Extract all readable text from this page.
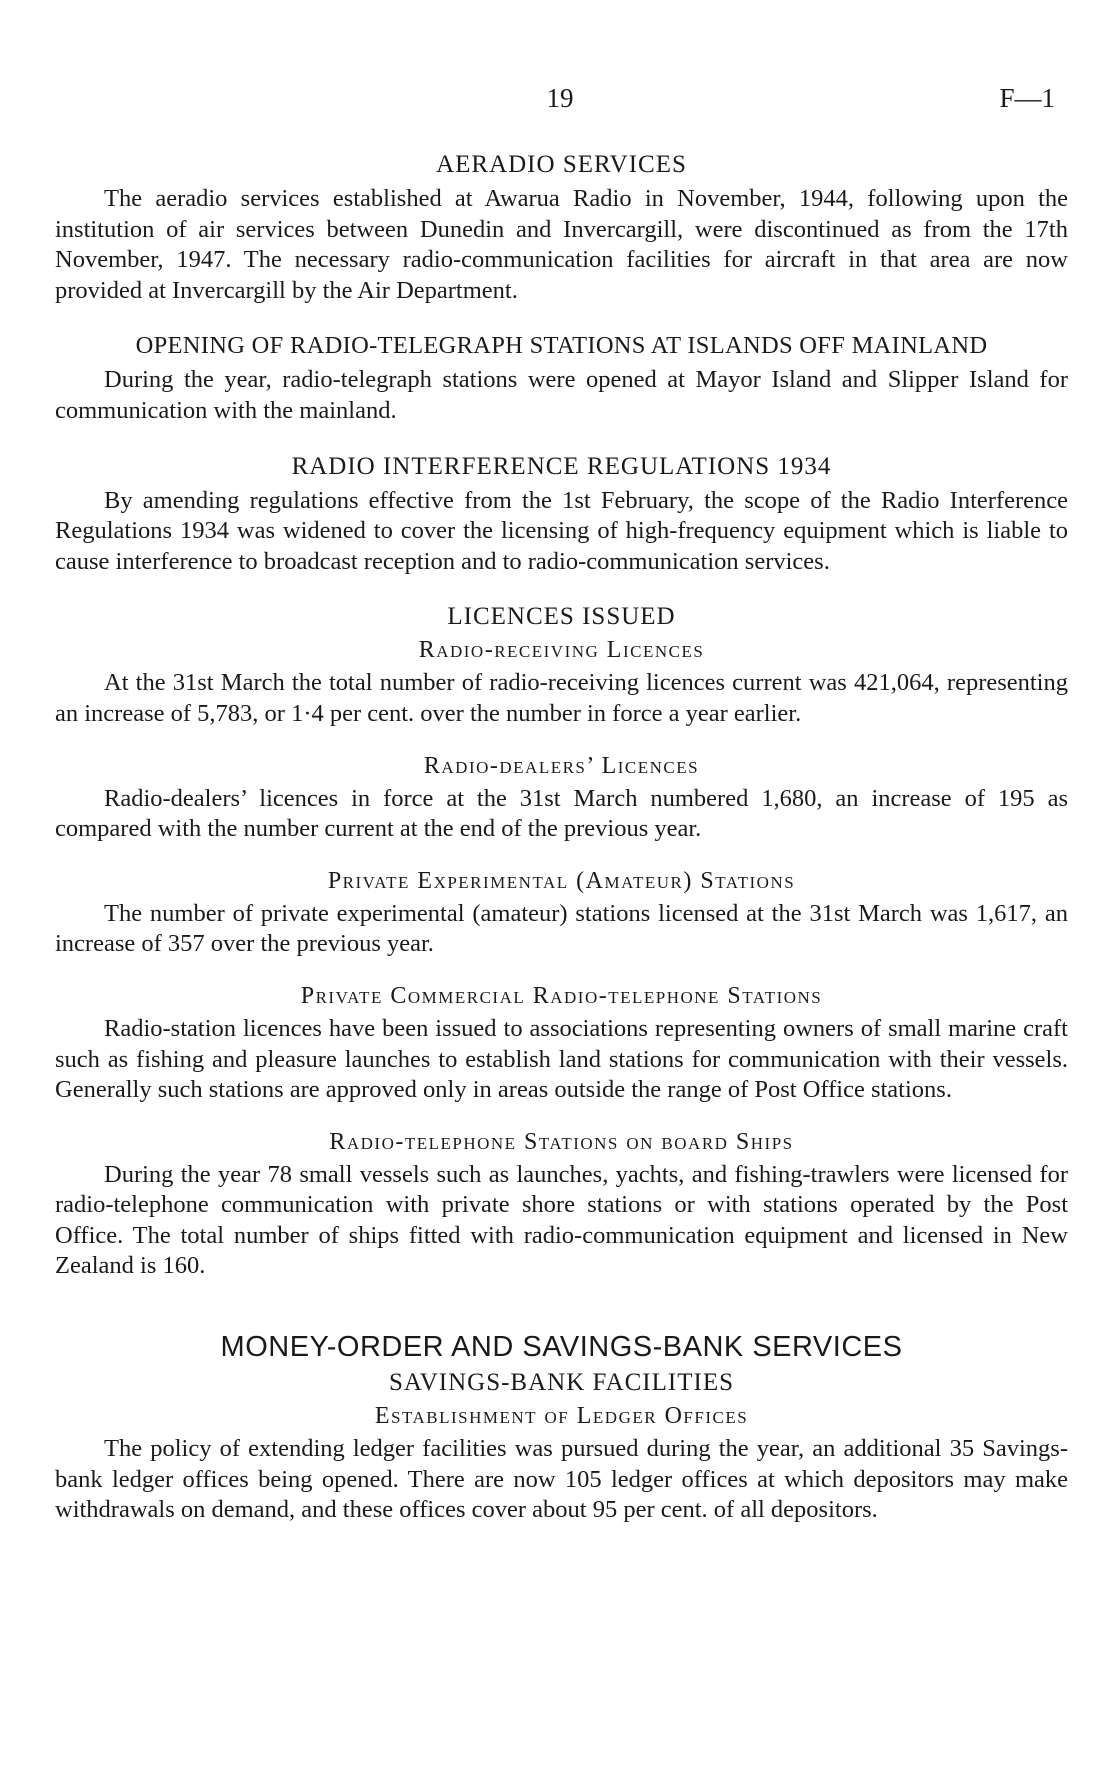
19	F—1
AERADIO SERVICES

The aeradio services established at Awarua Radio in November, 1944, following upon the institution of air services between Dunedin and Invercargill, were discontinued as from the 17th November, 1947. The necessary radio-communication facilities for aircraft in that area are now provided at Invercargill by the Air Department.

OPENING OF RADIO-TELEGRAPH STATIONS AT ISLANDS OFF MAINLAND

During the year, radio-telegraph stations were opened at Mayor Island and Slipper Island for communication with the mainland.

RADIO INTERFERENCE REGULATIONS 1934

By amending regulations effective from the 1st February, the scope of the Radio Interference Regulations 1934 was widened to cover the licensing of high-frequency equipment which is liable to cause interference to broadcast reception and to radio-communication services.

LICENCES ISSUED
Radio-receiving Licences

At the 31st March the total number of radio-receiving licences current was 421,064, representing an increase of 5,783, or 1·4 per cent. over the number in force a year earlier.

Radio-dealers’ Licences

Radio-dealers’ licences in force at the 31st March numbered 1,680, an increase of 195 as compared with the number current at the end of the previous year.

Private Experimental (Amateur) Stations

The number of private experimental (amateur) stations licensed at the 31st March was 1,617, an increase of 357 over the previous year.

Private Commercial Radio-telephone Stations

Radio-station licences have been issued to associations representing owners of small marine craft such as fishing and pleasure launches to establish land stations for communication with their vessels. Generally such stations are approved only in areas outside the range of Post Office stations.

Radio-telephone Stations on board Ships

During the year 78 small vessels such as launches, yachts, and fishing-trawlers were licensed for radio-telephone communication with private shore stations or with stations operated by the Post Office. The total number of ships fitted with radio-communication equipment and licensed in New Zealand is 160.

MONEY-ORDER AND SAVINGS-BANK SERVICES
SAVINGS-BANK FACILITIES
Establishment of Ledger Offices

The policy of extending ledger facilities was pursued during the year, an additional 35 Savings-bank ledger offices being opened. There are now 105 ledger offices at which depositors may make withdrawals on demand, and these offices cover about 95 per cent. of all depositors.
